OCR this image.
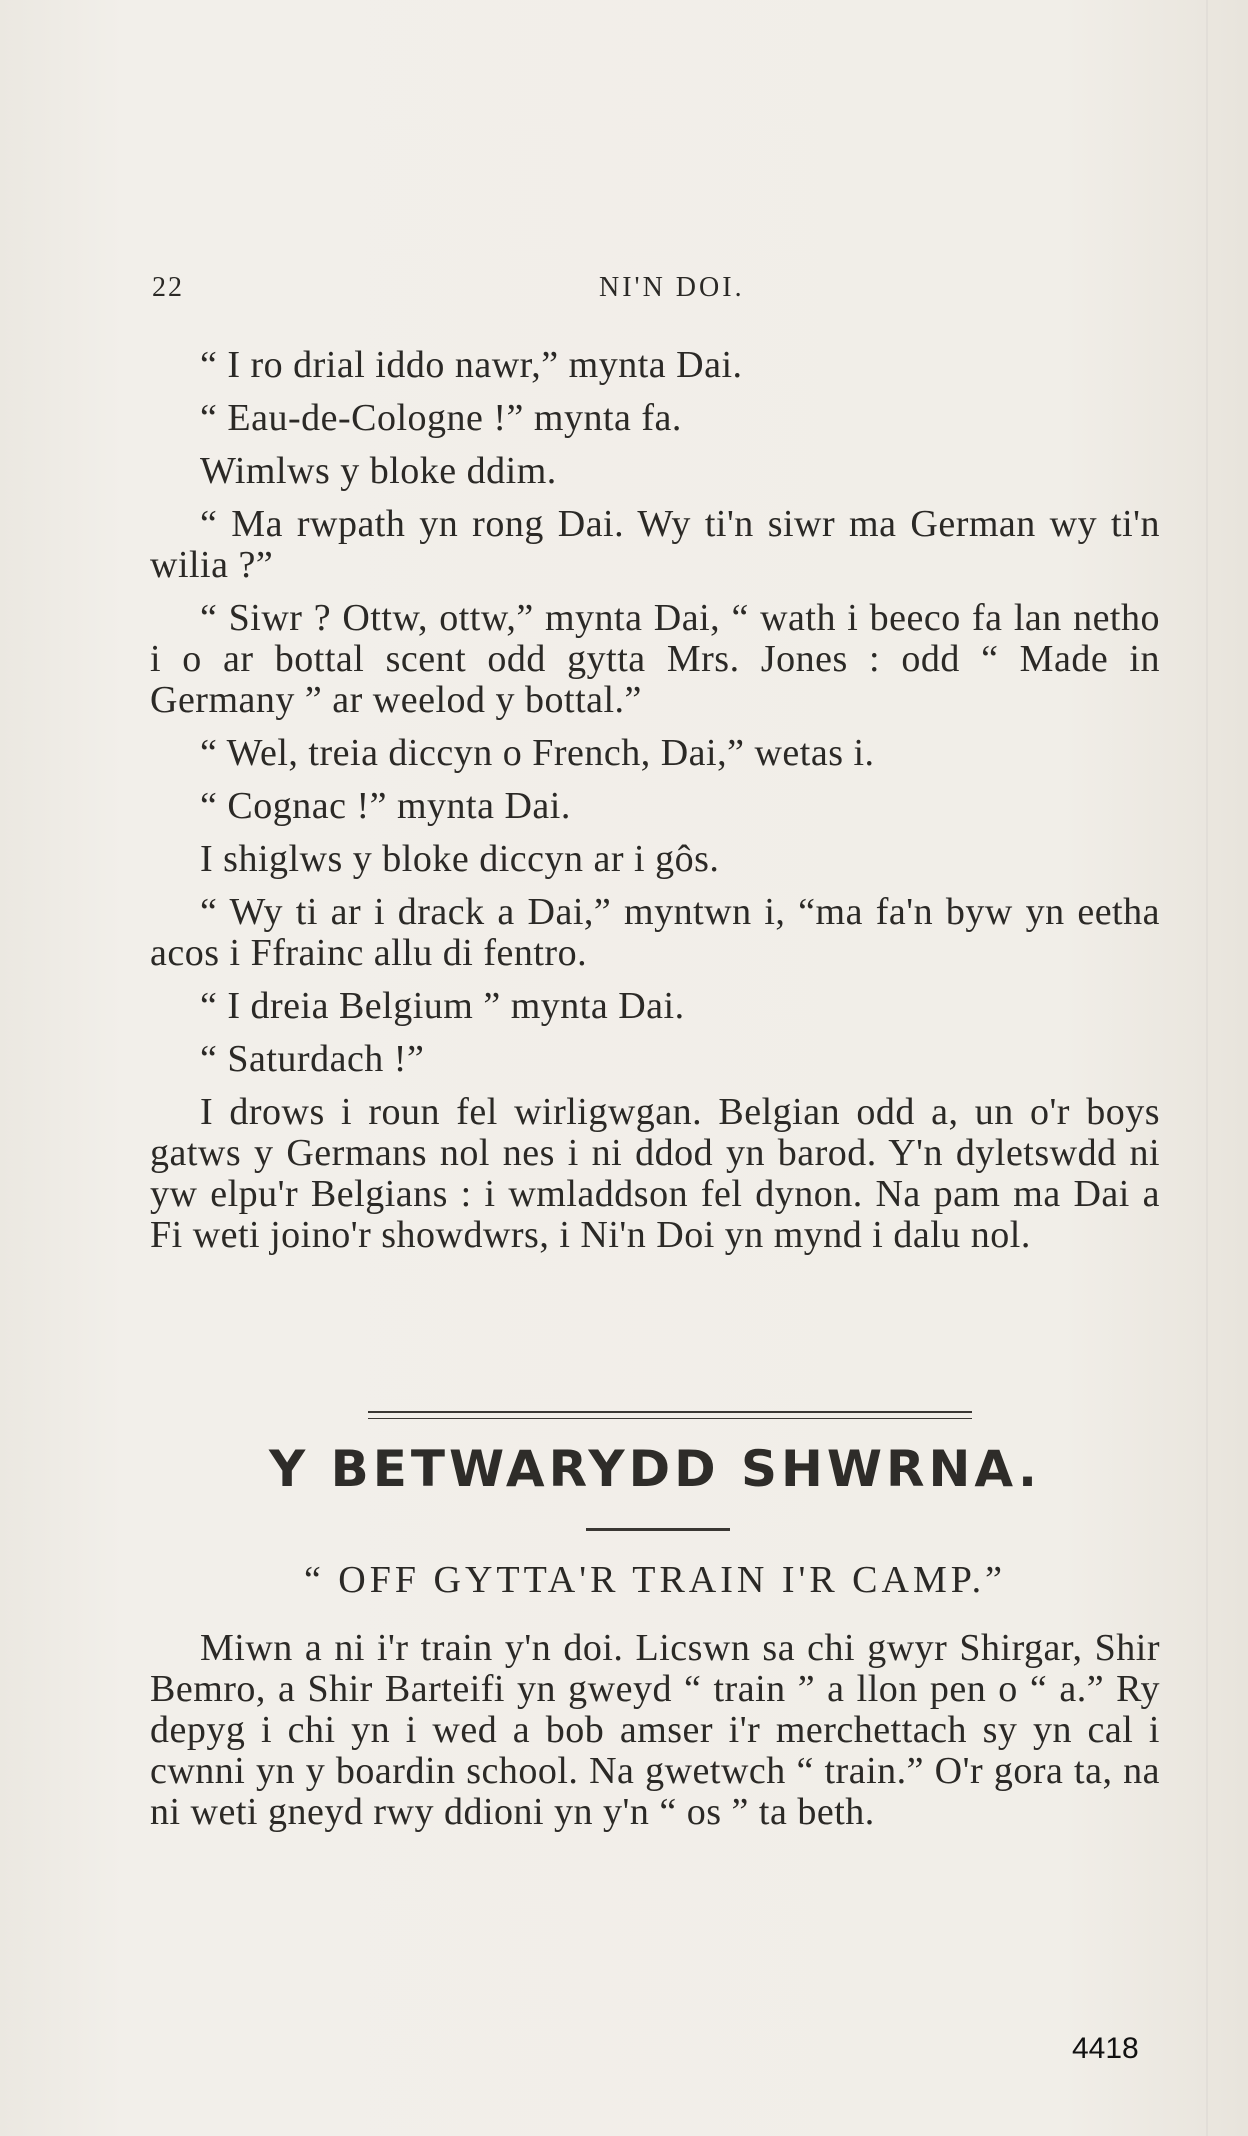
22	NI'N DOI.

“ I ro drial iddo nawr,” mynta Dai.

“ Eau-de-Cologne !” mynta fa.

Wimlws y bloke ddim.

“ Ma rwpath yn rong Dai. Wy ti'n siwr ma German wy ti'n wilia ?”

“ Siwr ? Ottw, ottw,” mynta Dai, “ wath i beeco fa lan netho i o ar bottal scent odd gytta Mrs. Jones : odd “ Made in Germany ” ar weelod y bottal.”

“ Wel, treia diccyn o French, Dai,” wetas i.

“ Cognac !” mynta Dai.

I shiglws y bloke diccyn ar i gôs.

“ Wy ti ar i drack a Dai,” myntwn i, “ma fa'n byw yn eetha acos i Ffrainc allu di fentro.

“ I dreia Belgium ” mynta Dai.

“ Saturdach !”

I drows i roun fel wirligwgan. Belgian odd a, un o'r boys gatws y Germans nol nes i ni ddod yn barod. Y'n dyletswdd ni yw elpu'r Belgians : i wmladdson fel dynon. Na pam ma Dai a Fi weti joino'r showdwrs, i Ni'n Doi yn mynd i dalu nol.

Y BETWARYDD SHWRNA.
“ OFF GYTTA'R TRAIN I'R CAMP.”

Miwn a ni i'r train y'n doi. Licswn sa chi gwyr Shirgar, Shir Bemro, a Shir Barteifi yn gweyd “ train ” a llon pen o “ a.” Ry depyg i chi yn i wed a bob amser i'r merchettach sy yn cal i cwnni yn y boardin school. Na gwetwch “ train.” O'r gora ta, na ni weti gneyd rwy ddioni yn y'n “ os ” ta beth.

4418
